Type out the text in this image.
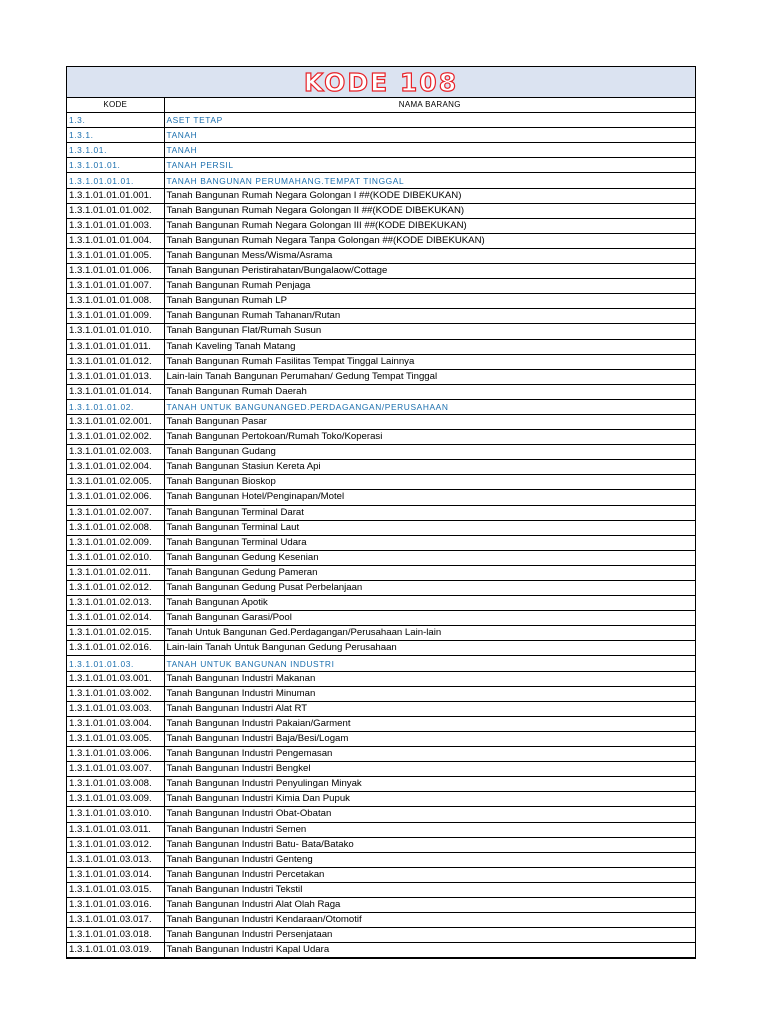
KODE 108
KODE	NAMA BARANG
1.3.	ASET TETAP
1.3.1.	TANAH
1.3.1.01.	TANAH
1.3.1.01.01.	TANAH PERSIL
1.3.1.01.01.01.	TANAH BANGUNAN PERUMAHANG.TEMPAT TINGGAL
1.3.1.01.01.01.001.	Tanah Bangunan Rumah Negara Golongan I ##(KODE DIBEKUKAN)
1.3.1.01.01.01.002.	Tanah Bangunan Rumah Negara Golongan II ##(KODE DIBEKUKAN)
1.3.1.01.01.01.003.	Tanah Bangunan Rumah Negara Golongan III ##(KODE DIBEKUKAN)
1.3.1.01.01.01.004.	Tanah Bangunan Rumah Negara Tanpa Golongan ##(KODE DIBEKUKAN)
1.3.1.01.01.01.005.	Tanah Bangunan Mess/Wisma/Asrama
1.3.1.01.01.01.006.	Tanah Bangunan Peristirahatan/Bungalaow/Cottage
1.3.1.01.01.01.007.	Tanah Bangunan Rumah Penjaga
1.3.1.01.01.01.008.	Tanah Bangunan Rumah LP
1.3.1.01.01.01.009.	Tanah Bangunan Rumah Tahanan/Rutan
1.3.1.01.01.01.010.	Tanah Bangunan Flat/Rumah Susun
1.3.1.01.01.01.011.	Tanah Kaveling Tanah Matang
1.3.1.01.01.01.012.	Tanah Bangunan Rumah Fasilitas Tempat Tinggal Lainnya
1.3.1.01.01.01.013.	Lain-lain Tanah Bangunan Perumahan/ Gedung Tempat Tinggal
1.3.1.01.01.01.014.	Tanah Bangunan Rumah Daerah
1.3.1.01.01.02.	TANAH UNTUK BANGUNANGED.PERDAGANGAN/PERUSAHAAN
1.3.1.01.01.02.001.	Tanah Bangunan Pasar
1.3.1.01.01.02.002.	Tanah Bangunan Pertokoan/Rumah Toko/Koperasi
1.3.1.01.01.02.003.	Tanah Bangunan Gudang
1.3.1.01.01.02.004.	Tanah Bangunan Stasiun Kereta Api
1.3.1.01.01.02.005.	Tanah Bangunan Bioskop
1.3.1.01.01.02.006.	Tanah Bangunan Hotel/Penginapan/Motel
1.3.1.01.01.02.007.	Tanah Bangunan Terminal Darat
1.3.1.01.01.02.008.	Tanah Bangunan Terminal Laut
1.3.1.01.01.02.009.	Tanah Bangunan Terminal Udara
1.3.1.01.01.02.010.	Tanah Bangunan Gedung Kesenian
1.3.1.01.01.02.011.	Tanah Bangunan Gedung Pameran
1.3.1.01.01.02.012.	Tanah Bangunan Gedung Pusat Perbelanjaan
1.3.1.01.01.02.013.	Tanah Bangunan Apotik
1.3.1.01.01.02.014.	Tanah Bangunan Garasi/Pool
1.3.1.01.01.02.015.	Tanah Untuk Bangunan Ged.Perdagangan/Perusahaan Lain-lain
1.3.1.01.01.02.016.	Lain-lain Tanah Untuk Bangunan Gedung Perusahaan
1.3.1.01.01.03.	TANAH UNTUK BANGUNAN INDUSTRI
1.3.1.01.01.03.001.	Tanah Bangunan Industri Makanan
1.3.1.01.01.03.002.	Tanah Bangunan Industri Minuman
1.3.1.01.01.03.003.	Tanah Bangunan Industri Alat RT
1.3.1.01.01.03.004.	Tanah Bangunan Industri Pakaian/Garment
1.3.1.01.01.03.005.	Tanah Bangunan Industri Baja/Besi/Logam
1.3.1.01.01.03.006.	Tanah Bangunan Industri Pengemasan
1.3.1.01.01.03.007.	Tanah Bangunan Industri Bengkel
1.3.1.01.01.03.008.	Tanah Bangunan Industri Penyulingan Minyak
1.3.1.01.01.03.009.	Tanah Bangunan Industri Kimia Dan Pupuk
1.3.1.01.01.03.010.	Tanah Bangunan Industri Obat-Obatan
1.3.1.01.01.03.011.	Tanah Bangunan Industri Semen
1.3.1.01.01.03.012.	Tanah Bangunan Industri Batu- Bata/Batako
1.3.1.01.01.03.013.	Tanah Bangunan Industri Genteng
1.3.1.01.01.03.014.	Tanah Bangunan Industri Percetakan
1.3.1.01.01.03.015.	Tanah Bangunan Industri Tekstil
1.3.1.01.01.03.016.	Tanah Bangunan Industri Alat Olah Raga
1.3.1.01.01.03.017.	Tanah Bangunan Industri Kendaraan/Otomotif
1.3.1.01.01.03.018.	Tanah Bangunan Industri Persenjataan
1.3.1.01.01.03.019.	Tanah Bangunan Industri Kapal Udara
